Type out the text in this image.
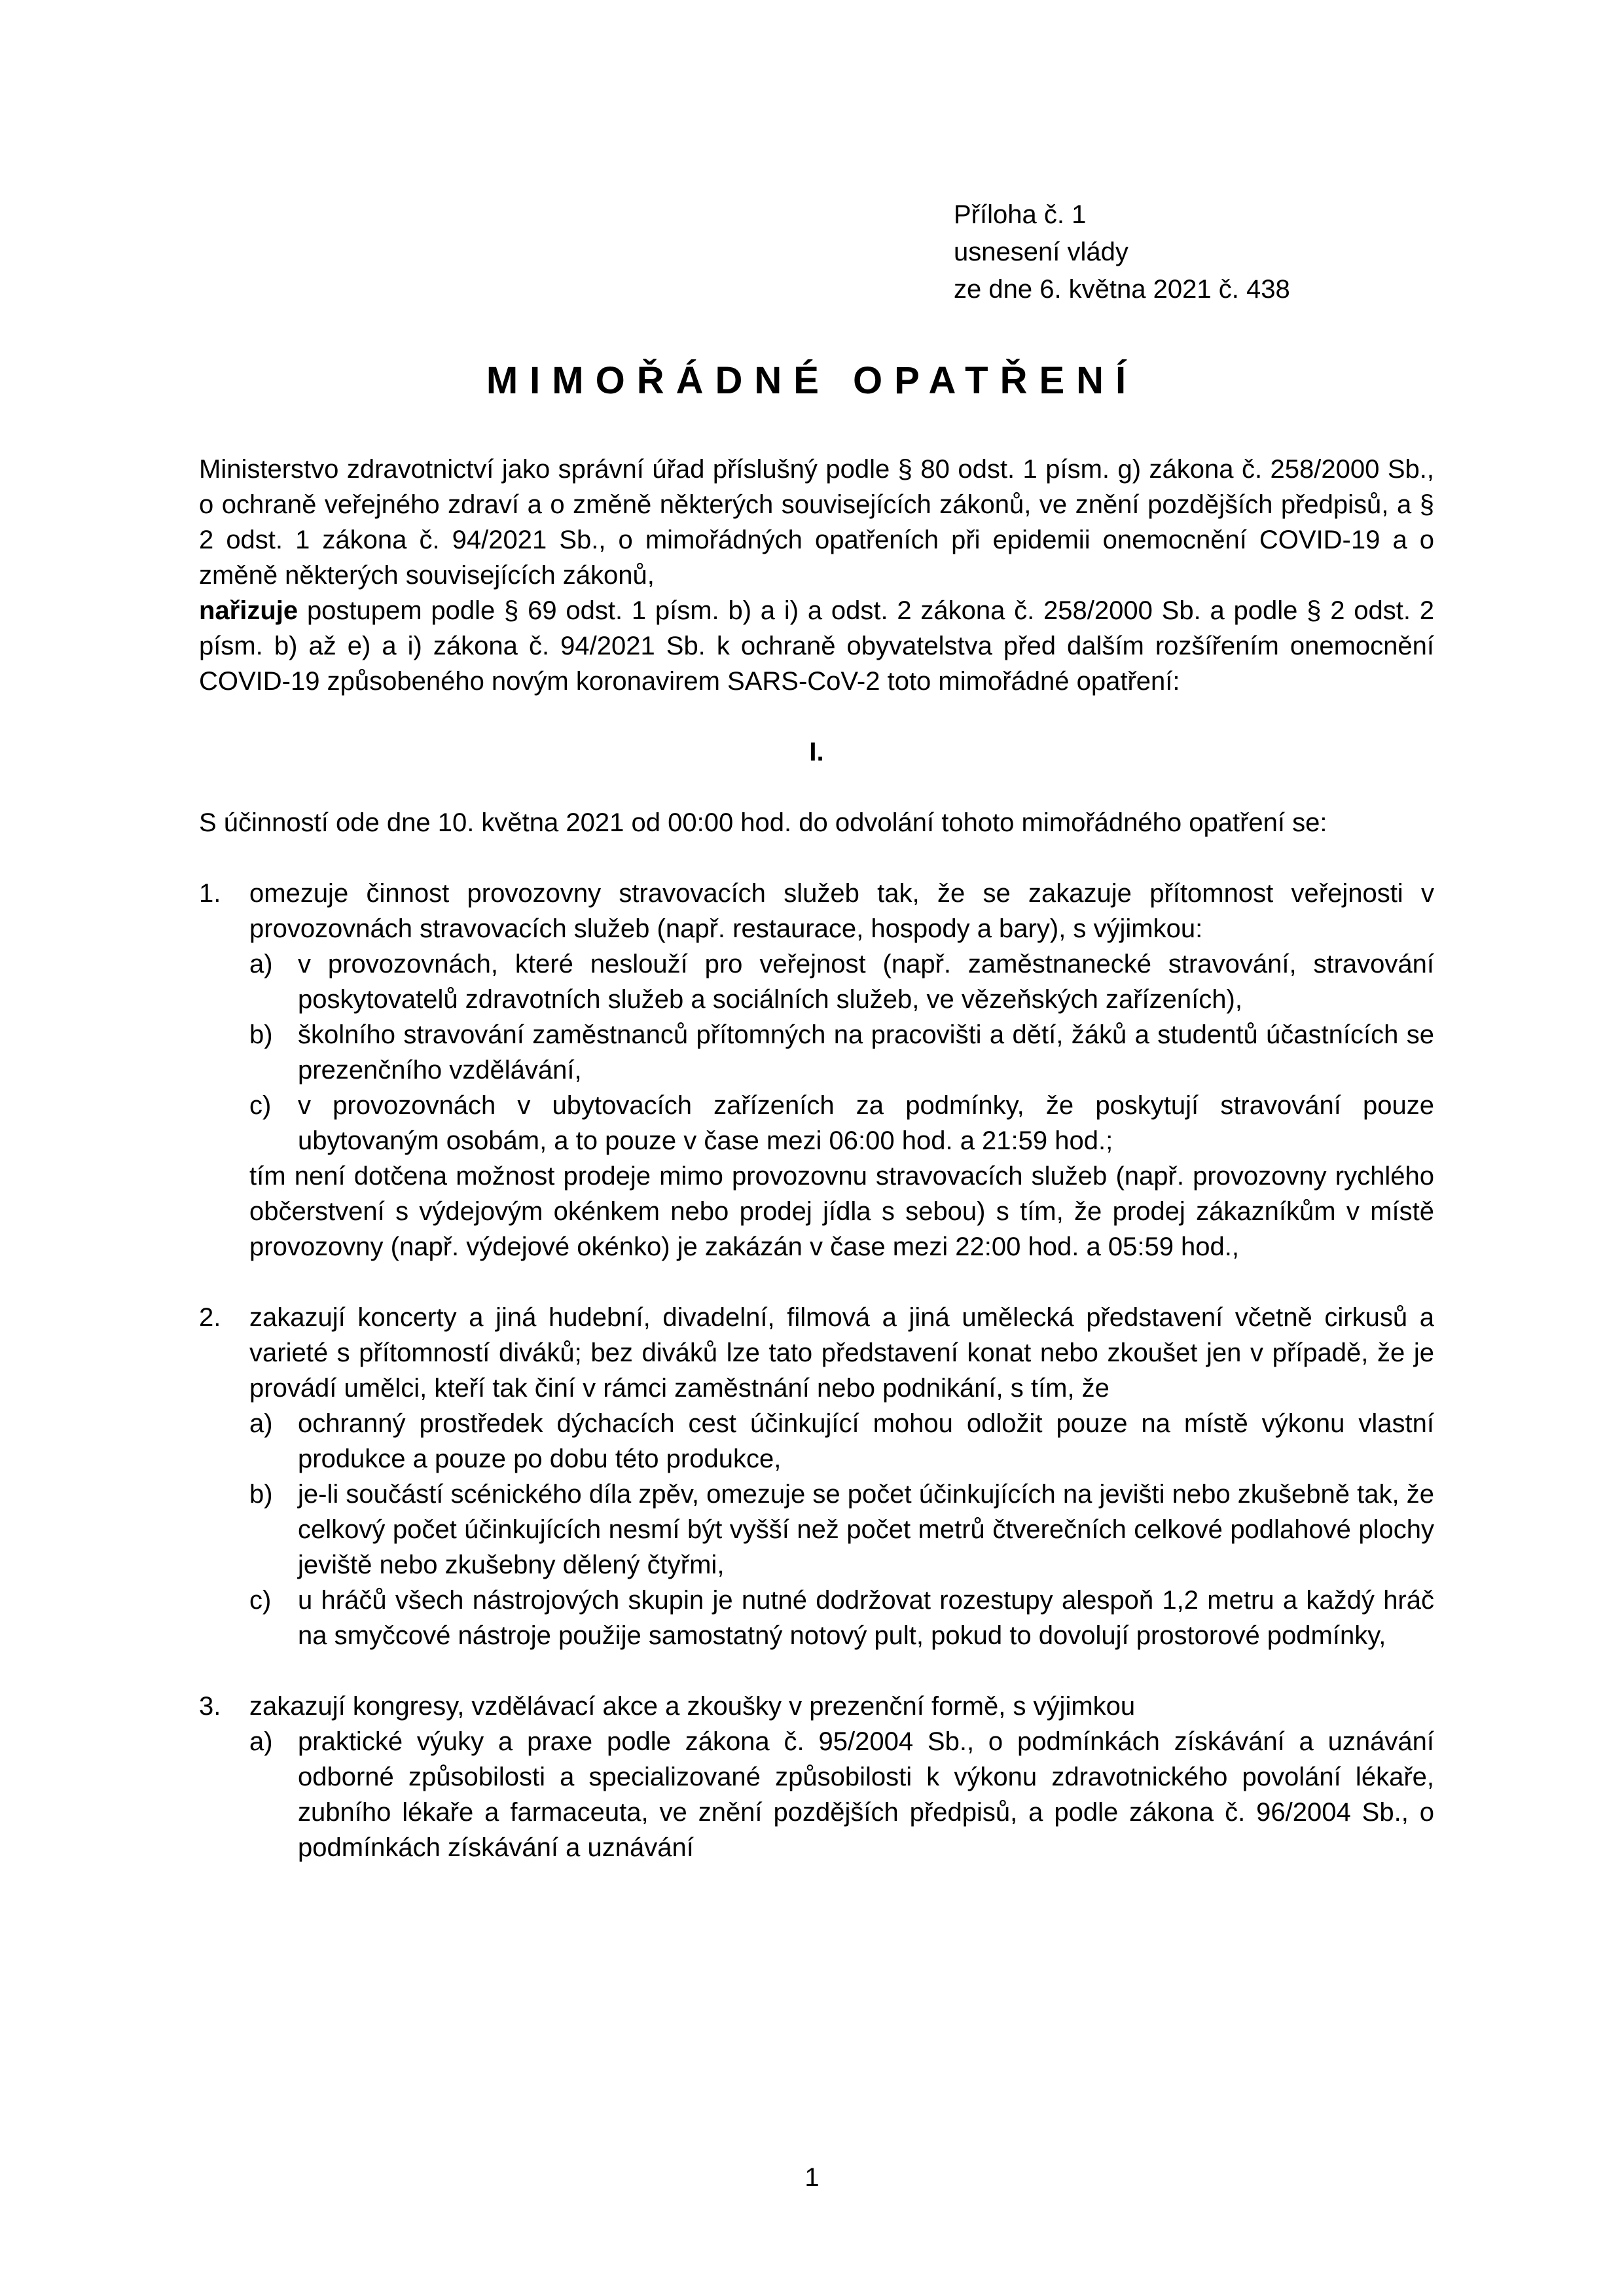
Příloha č. 1
usnesení vlády
ze dne 6. května 2021 č. 438
MIMOŘÁDNÉ OPATŘENÍ

Ministerstvo zdravotnictví jako správní úřad příslušný podle § 80 odst. 1 písm. g) zákona č. 258/2000 Sb., o ochraně veřejného zdraví a o změně některých souvisejících zákonů, ve znění pozdějších předpisů, a § 2 odst. 1 zákona č. 94/2021 Sb., o mimořádných opatřeních při epidemii onemocnění COVID-19 a o změně některých souvisejících zákonů,
nařizuje postupem podle § 69 odst. 1 písm. b) a i) a odst. 2 zákona č. 258/2000 Sb. a podle § 2 odst. 2 písm. b) až e) a i) zákona č. 94/2021 Sb. k ochraně obyvatelstva před dalším rozšířením onemocnění COVID-19 způsobeného novým koronavirem SARS-CoV-2 toto mimořádné opatření:

I.

S účinností ode dne 10. května 2021 od 00:00 hod. do odvolání tohoto mimořádného opatření se:

1. omezuje činnost provozovny stravovacích služeb tak, že se zakazuje přítomnost veřejnosti v provozovnách stravovacích služeb (např. restaurace, hospody a bary), s výjimkou:

a) v provozovnách, které neslouží pro veřejnost (např. zaměstnanecké stravování, stravování poskytovatelů zdravotních služeb a sociálních služeb, ve vězeňských zařízeních),

b) školního stravování zaměstnanců přítomných na pracovišti a dětí, žáků a studentů účastnících se prezenčního vzdělávání,

c) v provozovnách v ubytovacích zařízeních za podmínky, že poskytují stravování pouze ubytovaným osobám, a to pouze v čase mezi 06:00 hod. a 21:59 hod.;

tím není dotčena možnost prodeje mimo provozovnu stravovacích služeb (např. provozovny rychlého občerstvení s výdejovým okénkem nebo prodej jídla s sebou) s tím, že prodej zákazníkům v místě provozovny (např. výdejové okénko) je zakázán v čase mezi 22:00 hod. a 05:59 hod.,

2. zakazují koncerty a jiná hudební, divadelní, filmová a jiná umělecká představení včetně cirkusů a varieté s přítomností diváků; bez diváků lze tato představení konat nebo zkoušet jen v případě, že je provádí umělci, kteří tak činí v rámci zaměstnání nebo podnikání, s tím, že

a) ochranný prostředek dýchacích cest účinkující mohou odložit pouze na místě výkonu vlastní produkce a pouze po dobu této produkce,

b) je-li součástí scénického díla zpěv, omezuje se počet účinkujících na jevišti nebo zkušebně tak, že celkový počet účinkujících nesmí být vyšší než počet metrů čtverečních celkové podlahové plochy jeviště nebo zkušebny dělený čtyřmi,

c) u hráčů všech nástrojových skupin je nutné dodržovat rozestupy alespoň 1,2 metru a každý hráč na smyčcové nástroje použije samostatný notový pult, pokud to dovolují prostorové podmínky,

3. zakazují kongresy, vzdělávací akce a zkoušky v prezenční formě, s výjimkou

a) praktické výuky a praxe podle zákona č. 95/2004 Sb., o podmínkách získávání a uznávání odborné způsobilosti a specializované způsobilosti k výkonu zdravotnického povolání lékaře, zubního lékaře a farmaceuta, ve znění pozdějších předpisů, a podle zákona č. 96/2004 Sb., o podmínkách získávání a uznávání

1
